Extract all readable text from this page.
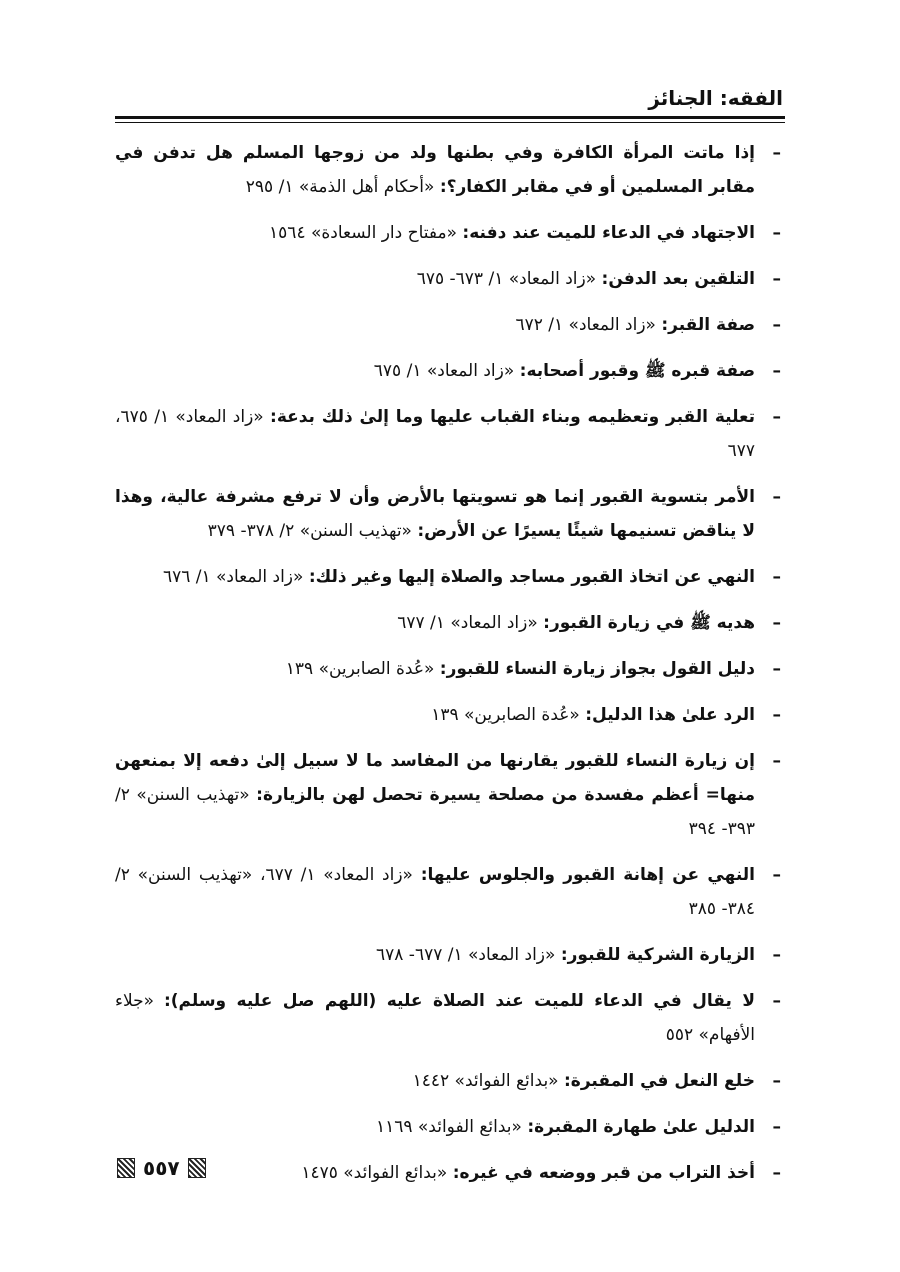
الفقه: الجنائز
–
إذا ماتت المرأة الكافرة وفي بطنها ولد من زوجها المسلم هل تدفن في مقابر المسلمين أو في مقابر الكفار؟: «أحكام أهل الذمة» ١/ ٢٩٥
–
الاجتهاد في الدعاء للميت عند دفنه: «مفتاح دار السعادة» ١٥٦٤
–
التلقين بعد الدفن: «زاد المعاد» ١/ ٦٧٣- ٦٧٥
–
صفة القبر: «زاد المعاد» ١/ ٦٧٢
–
صفة قبره ﷺ وقبور أصحابه: «زاد المعاد» ١/ ٦٧٥
–
تعلية القبر وتعظيمه وبناء القباب عليها وما إلىٰ ذلك بدعة: «زاد المعاد» ١/ ٦٧٥، ٦٧٧
–
الأمر بتسوية القبور إنما هو تسويتها بالأرض وأن لا ترفع مشرفة عالية، وهذا لا يناقض تسنيمها شيئًا يسيرًا عن الأرض: «تهذيب السنن» ٢/ ٣٧٨- ٣٧٩
–
النهي عن اتخاذ القبور مساجد والصلاة إليها وغير ذلك: «زاد المعاد» ١/ ٦٧٦
–
هديه ﷺ في زيارة القبور: «زاد المعاد» ١/ ٦٧٧
–
دليل القول بجواز زيارة النساء للقبور: «عُدة الصابرين» ١٣٩
–
الرد علىٰ هذا الدليل: «عُدة الصابرين» ١٣٩
–
إن زيارة النساء للقبور يقارنها من المفاسد ما لا سبيل إلىٰ دفعه إلا بمنعهن منها= أعظم مفسدة من مصلحة يسيرة تحصل لهن بالزيارة: «تهذيب السنن» ٢/ ٣٩٣- ٣٩٤
–
النهي عن إهانة القبور والجلوس عليها: «زاد المعاد» ١/ ٦٧٧، «تهذيب السنن» ٢/ ٣٨٤- ٣٨٥
–
الزيارة الشركية للقبور: «زاد المعاد» ١/ ٦٧٧- ٦٧٨
–
لا يقال في الدعاء للميت عند الصلاة عليه (اللهم صل عليه وسلم): «جلاء الأفهام» ٥٥٢
–
خلع النعل في المقبرة: «بدائع الفوائد» ١٤٤٢
–
الدليل علىٰ طهارة المقبرة: «بدائع الفوائد» ١١٦٩
–
أخذ التراب من قبر ووضعه في غيره: «بدائع الفوائد» ١٤٧٥
٥٥٧
